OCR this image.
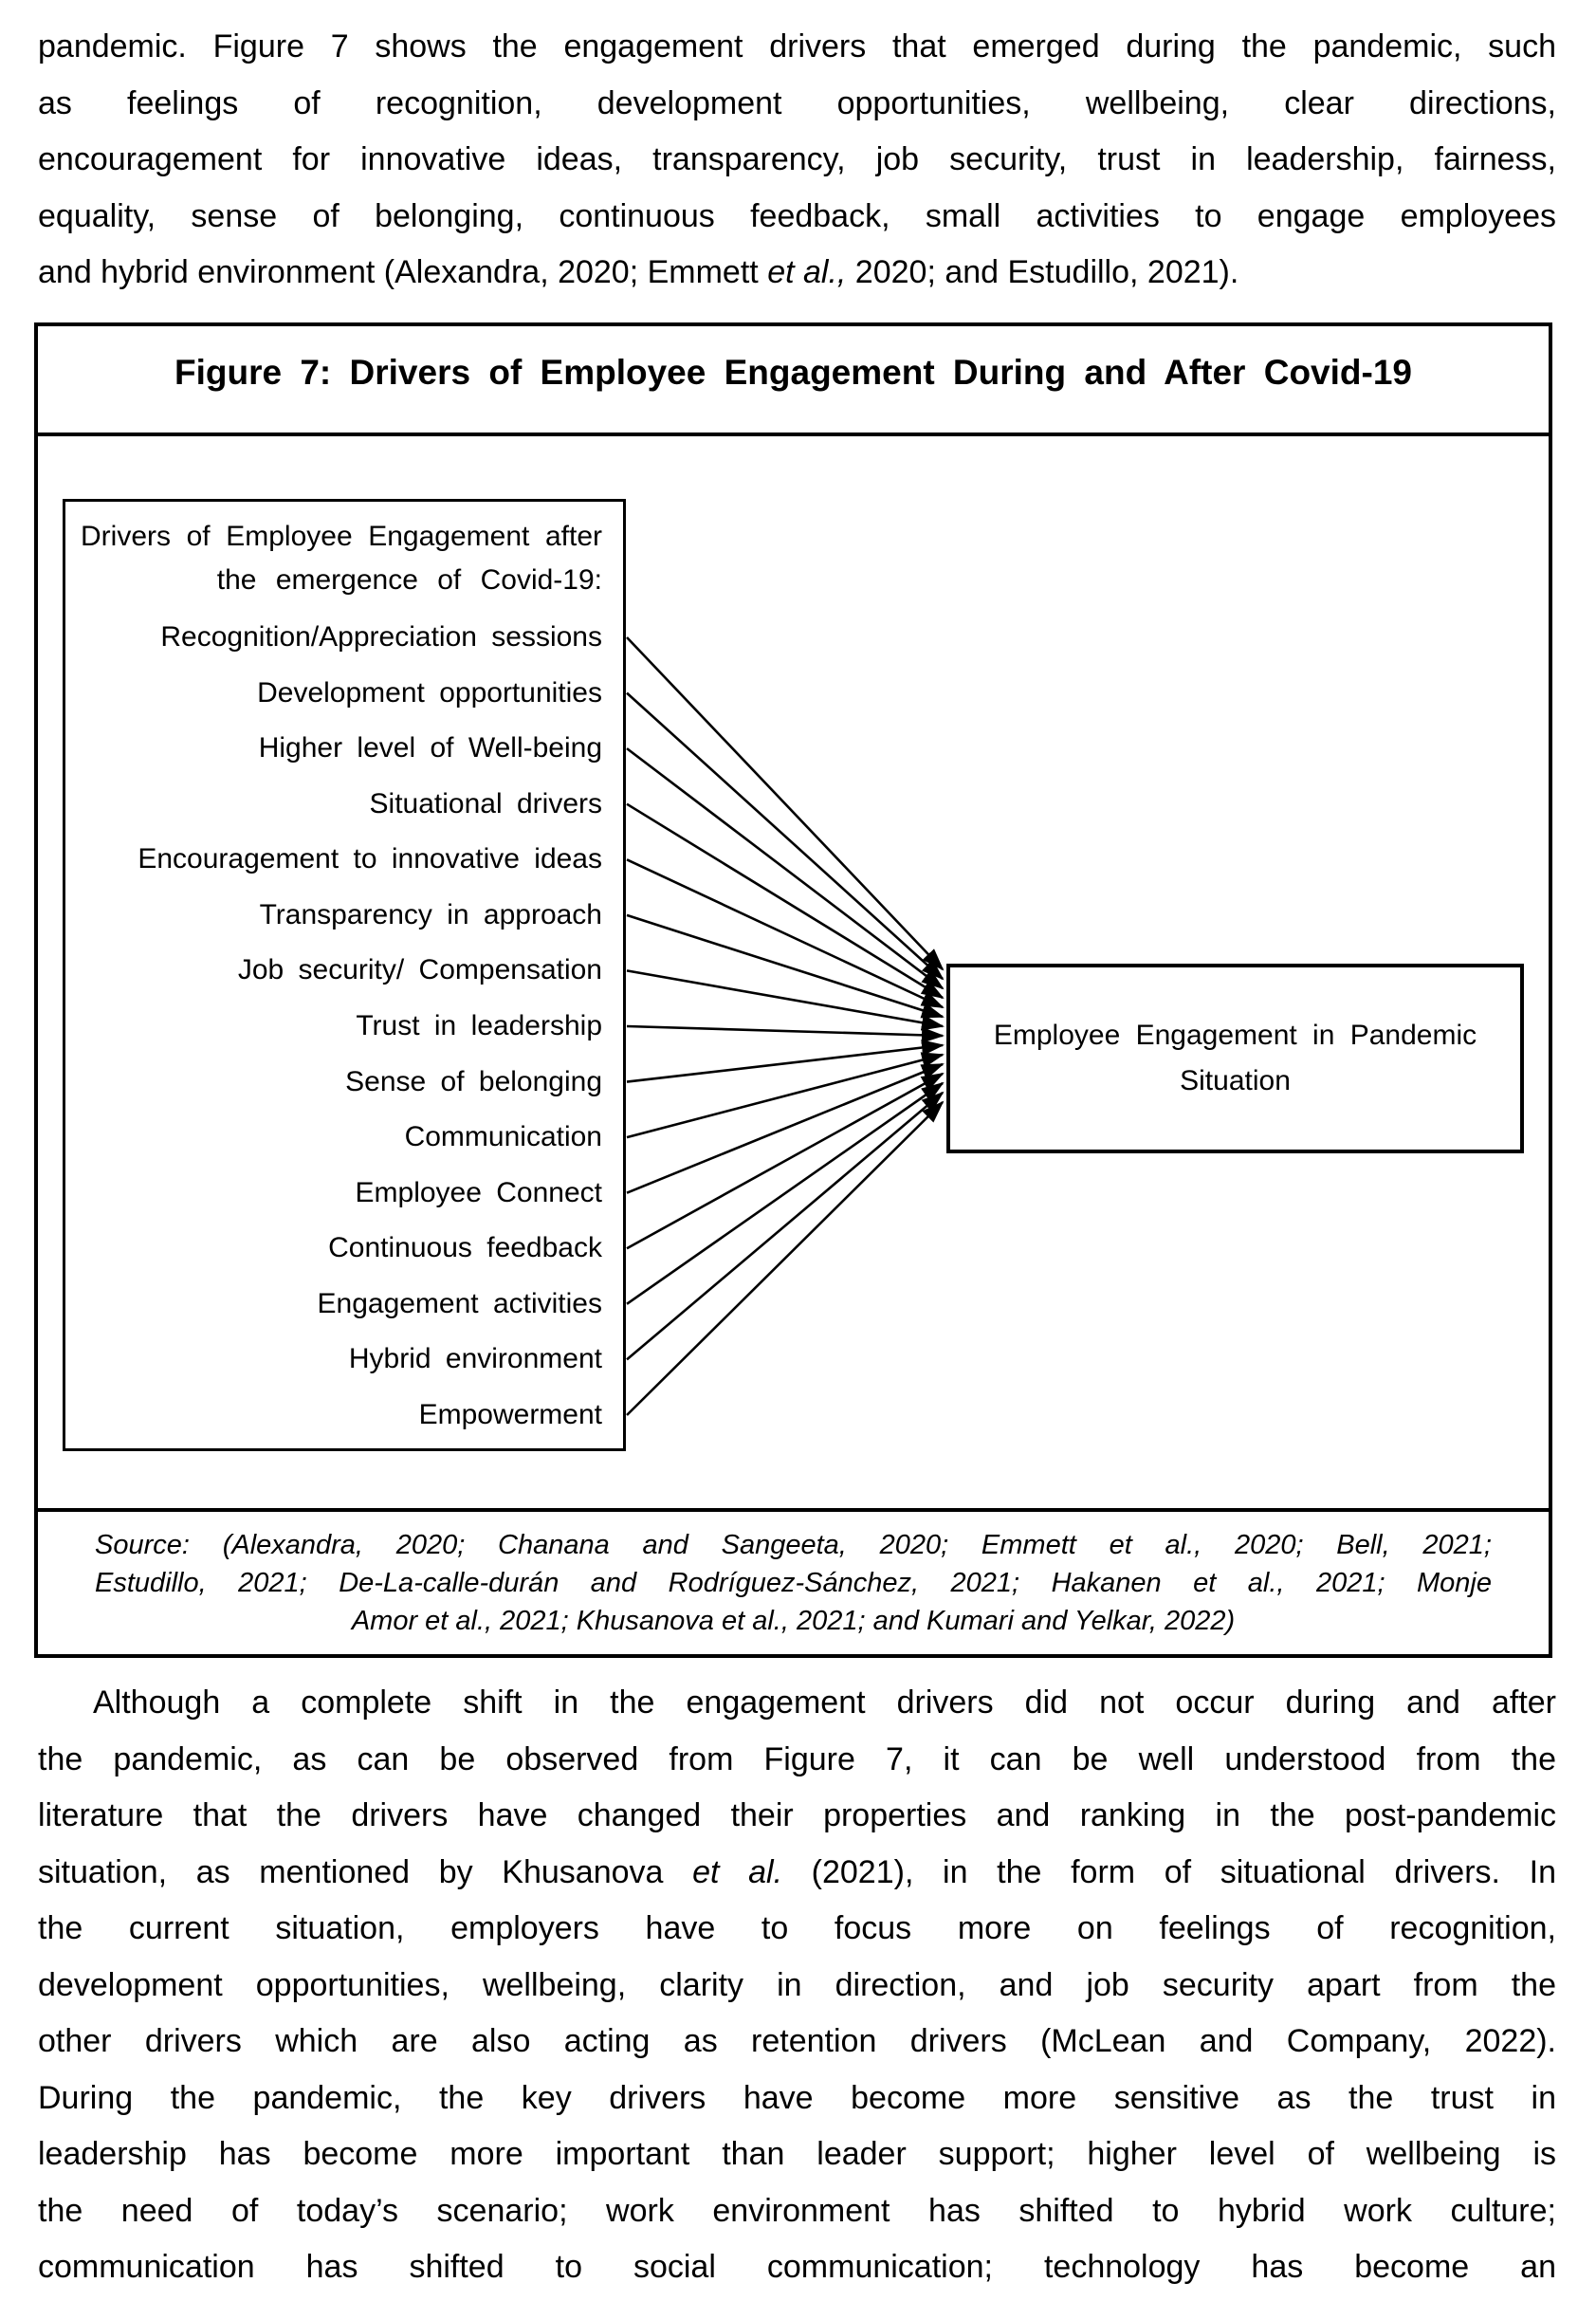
pandemic. Figure 7 shows the engagement drivers that emerged during the pandemic, such
as feelings of recognition, development opportunities, wellbeing, clear directions,
encouragement for innovative ideas, transparency, job security, trust in leadership, fairness,
equality, sense of belonging, continuous feedback, small activities to engage employees
and hybrid environment (Alexandra, 2020; Emmett et al., 2020; and Estudillo, 2021).
Figure 7: Drivers of Employee Engagement During and After Covid-19
Drivers of Employee Engagement after
the emergence of Covid-19:
Recognition/Appreciation sessions
Development opportunities
Higher level of Well-being
Situational drivers
Encouragement to innovative ideas
Transparency in approach
Job security/ Compensation
Trust in leadership
Sense of belonging
Communication
Employee Connect
Continuous feedback
Engagement activities
Hybrid environment
Empowerment
Employee Engagement in Pandemic
Situation
Source: (Alexandra, 2020; Chanana and Sangeeta, 2020; Emmett et al., 2020; Bell, 2021;
Estudillo, 2021; De-La-calle-durán and Rodríguez-Sánchez, 2021; Hakanen et al., 2021; Monje
Amor et al., 2021; Khusanova et al., 2021; and Kumari and Yelkar, 2022)
Although a complete shift in the engagement drivers did not occur during and after
the pandemic, as can be observed from Figure 7, it can be well understood from the
literature that the drivers have changed their properties and ranking in the post-pandemic
situation, as mentioned by Khusanova et al. (2021), in the form of situational drivers. In
the current situation, employers have to focus more on feelings of recognition,
development opportunities, wellbeing, clarity in direction, and job security apart from the
other drivers which are also acting as retention drivers (McLean and Company, 2022).
During the pandemic, the key drivers have become more sensitive as the trust in
leadership has become more important than leader support; higher level of wellbeing is
the need of today’s scenario; work environment has shifted to hybrid work culture;
communication has shifted to social communication; technology has become an
